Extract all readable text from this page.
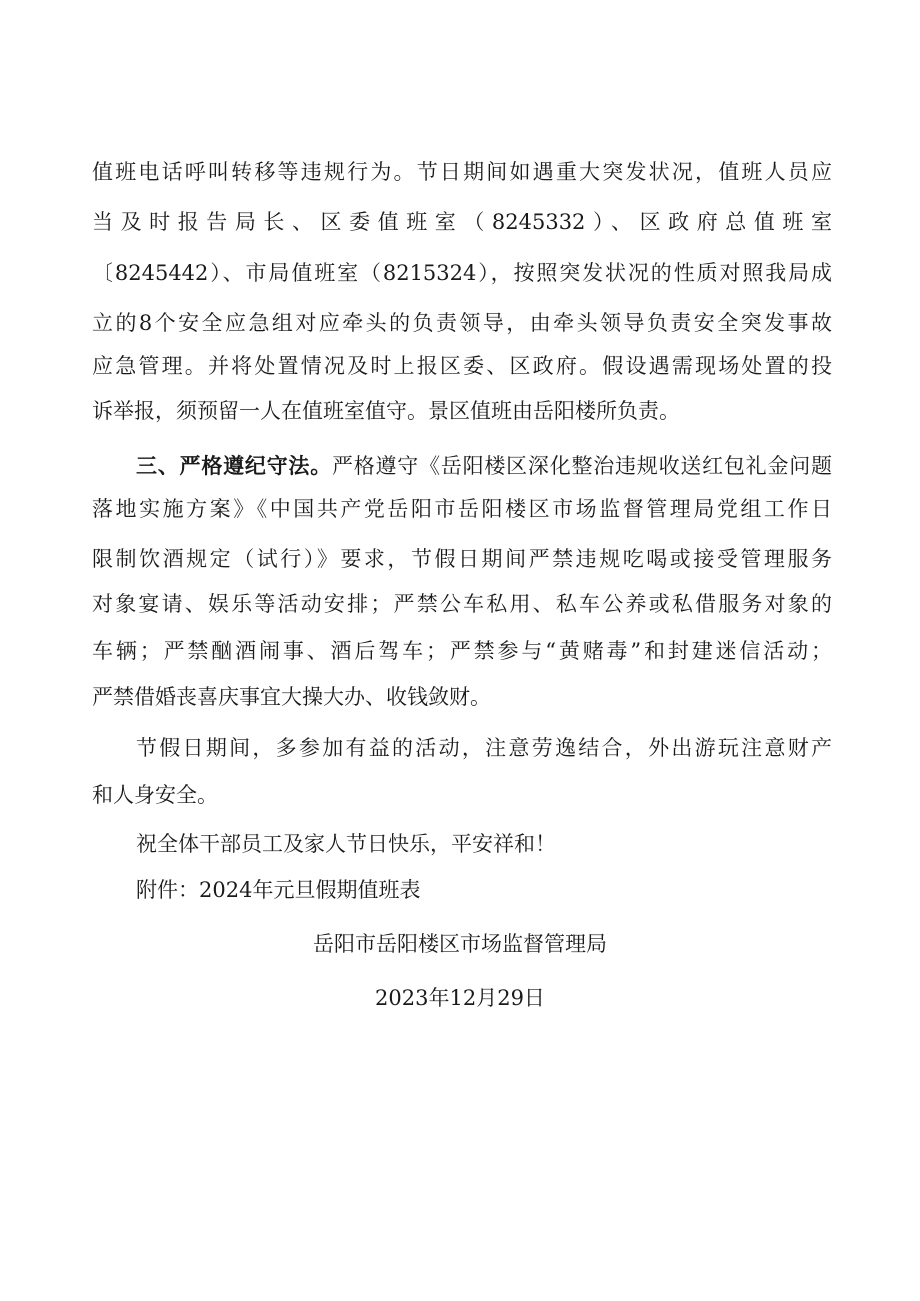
值班电话呼叫转移等违规行为。节日期间如遇重大突发状况，值班人员应
当及时报告局长、区委值班室（8245332）、区政府总值班室
〔8245442）、市局值班室（8215324），按照突发状况的性质对照我局成
立的8个安全应急组对应牵头的负责领导，由牵头领导负责安全突发事故
应急管理。并将处置情况及时上报区委、区政府。假设遇需现场处置的投
诉举报，须预留一人在值班室值守。景区值班由岳阳楼所负责。
三、严格遵纪守法。严格遵守《岳阳楼区深化整治违规收送红包礼金问题
落地实施方案》《中国共产党岳阳市岳阳楼区市场监督管理局党组工作日
限制饮酒规定（试行）》要求，节假日期间严禁违规吃喝或接受管理服务
对象宴请、娱乐等活动安排；严禁公车私用、私车公养或私借服务对象的
车辆；严禁酗酒闹事、酒后驾车；严禁参与“黄赌毒”和封建迷信活动；
严禁借婚丧喜庆事宜大操大办、收钱敛财。
节假日期间，多参加有益的活动，注意劳逸结合，外出游玩注意财产
和人身安全。
祝全体干部员工及家人节日快乐，平安祥和！
附件：2024年元旦假期值班表
岳阳市岳阳楼区市场监督管理局
2023年12月29日
